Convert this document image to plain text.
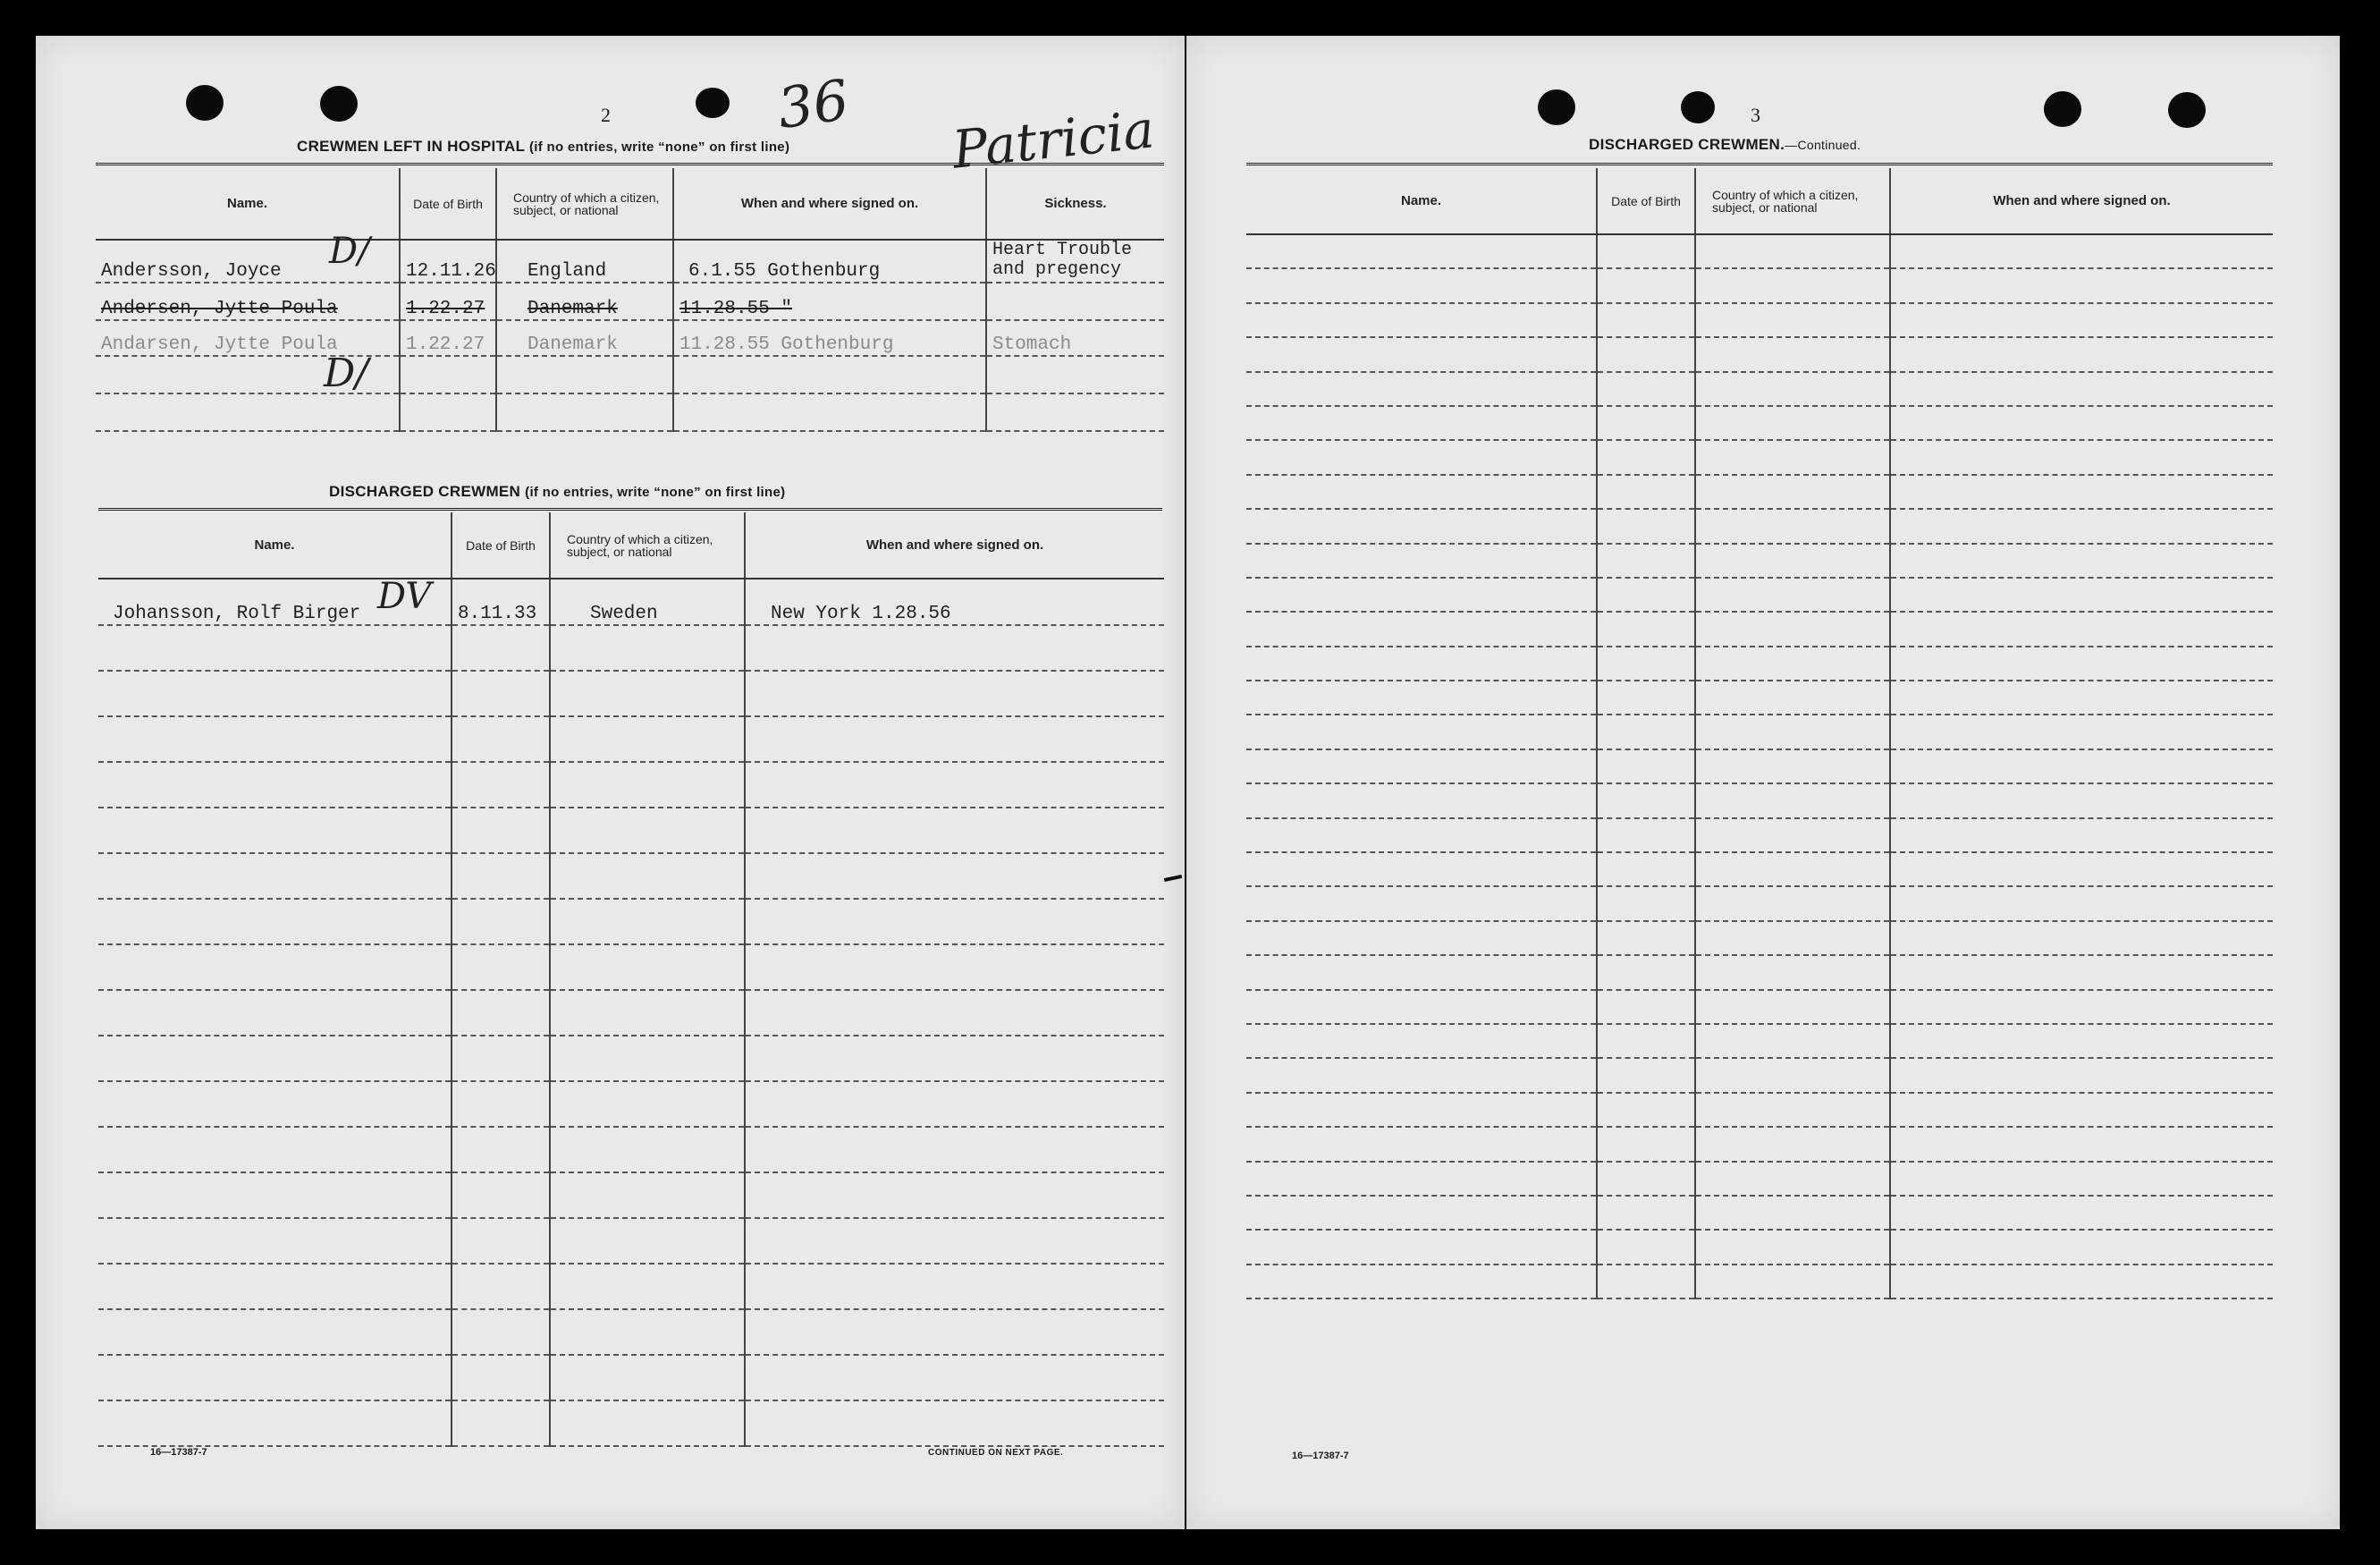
2	36 Patricia
CREWMEN LEFT IN HOSPITAL (if no entries, write “none” on first line)
Name.	Date of Birth	Country of which a citizen, subject, or national	When and where signed on.	Sickness.
Andersson, Joyce	12.11.26	England	6.1.55 Gothenburg	Heart Trouble and pregency
Andersen, Jytte Poula	1.22.27	Danemark	11.28.55 "	
Andarsen, Jytte Poula	1.22.27	Danemark	11.28.55 Gothenburg	Stomach

D/
D/
DISCHARGED CREWMEN (if no entries, write “none” on first line)
Name.	Date of Birth	Country of which a citizen, subject, or national	When and where signed on.
Johansson, Rolf Birger	8.11.33	Sweden	New York 1.28.56

DV
16—17387-7	CONTINUED ON NEXT PAGE.
3
DISCHARGED CREWMEN.—Continued.
Name.	Date of Birth	Country of which a citizen, subject, or national	When and where signed on.

16—17387-7
